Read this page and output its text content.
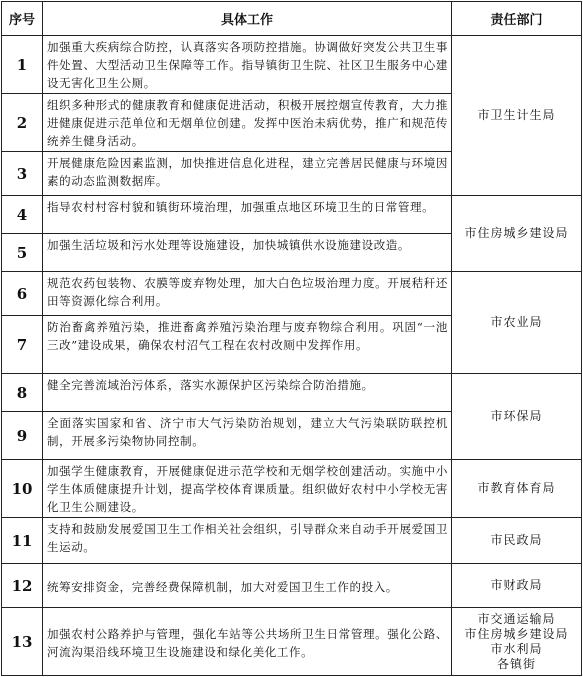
序号	具体工作	责任部门
1	加强重大疾病综合防控，认真落实各项防控措施。协调做好突发公共卫生事件处置、大型活动卫生保障等工作。指导镇街卫生院、社区卫生服务中心建设无害化卫生公厕。	市卫生计生局
2	组织多种形式的健康教育和健康促进活动，积极开展控烟宣传教育，大力推进健康促进示范单位和无烟单位创建。发挥中医治未病优势，推广和规范传统养生健身活动。	
3	开展健康危险因素监测，加快推进信息化进程，建立完善居民健康与环境因素的动态监测数据库。	
4	指导农村村容村貌和镇街环境治理，加强重点地区环境卫生的日常管理。	市住房城乡建设局
5	加强生活垃圾和污水处理等设施建设，加快城镇供水设施建设改造。	
6	规范农药包装物、农膜等废弃物处理，加大白色垃圾治理力度。开展秸秆还田等资源化综合利用。	市农业局
7	防治畜禽养殖污染，推进畜禽养殖污染治理与废弃物综合利用。巩固“一池三改”建设成果，确保农村沼气工程在农村改厕中发挥作用。	
8	健全完善流域治污体系，落实水源保护区污染综合防治措施。	市环保局
9	全面落实国家和省、济宁市大气污染防治规划，建立大气污染联防联控机制，开展多污染物协同控制。	
10	加强学生健康教育，开展健康促进示范学校和无烟学校创建活动。实施中小学生体质健康提升计划，提高学校体育课质量。组织做好农村中小学校无害化卫生公厕建设。	市教育体育局
11	支持和鼓励发展爱国卫生工作相关社会组织，引导群众来自动手开展爱国卫生运动。	市民政局
12	统筹安排资金，完善经费保障机制，加大对爱国卫生工作的投入。	市财政局
13	加强农村公路养护与管理，强化车站等公共场所卫生日常管理。强化公路、河流沟渠沿线环境卫生设施建设和绿化美化工作。	市交通运输局
市住房城乡建设局
市水利局
各镇街
